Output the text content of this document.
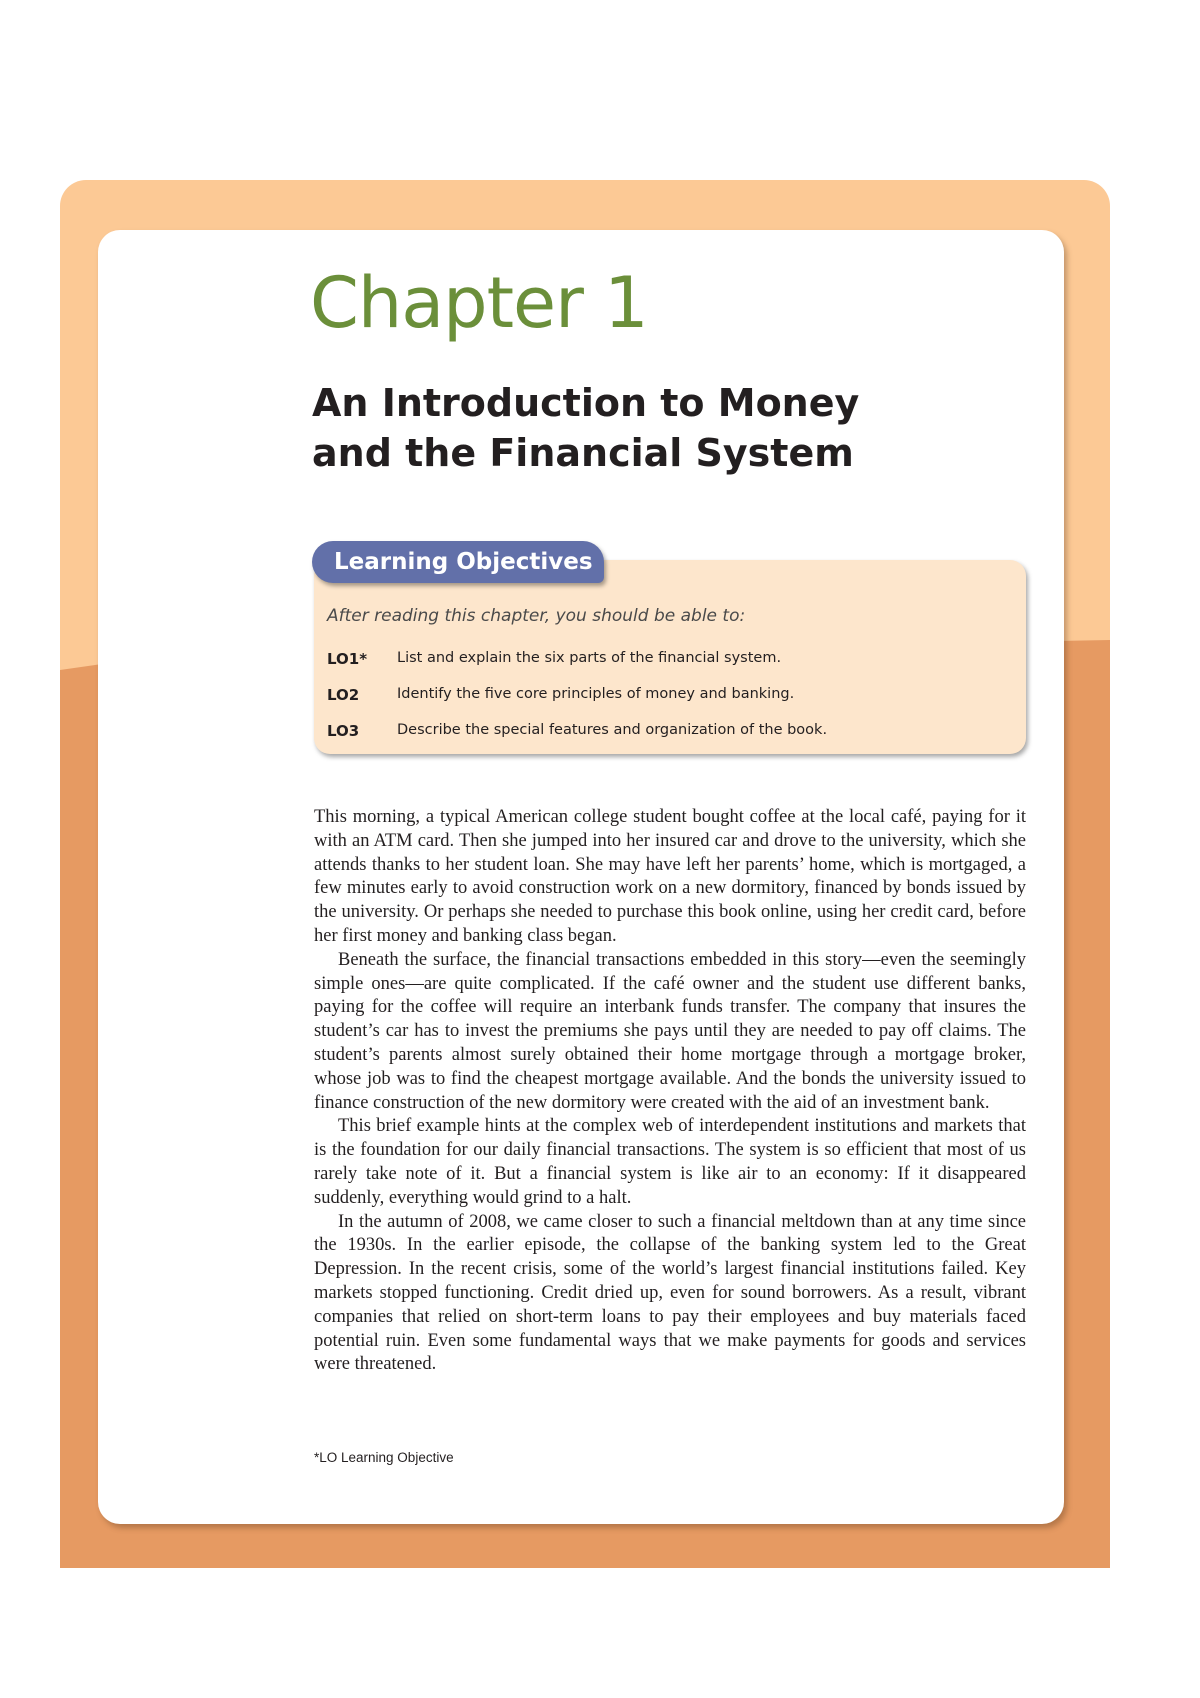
Chapter 1
An Introduction to Money
and the Financial System
Learning Objectives

After reading this chapter, you should be able to:

LO1* List and explain the six parts of the financial system.
LO2	Identify the five core principles of money and banking.
LO3	Describe the special features and organization of the book.

This morning, a typical American college student bought coffee at the local café, paying for it with an ATM card. Then she jumped into her insured car and drove to the university, which she attends thanks to her student loan. She may have left her parents’ home, which is mortgaged, a few minutes early to avoid construction work on a new dormitory, financed by bonds issued by the university. Or perhaps she needed to purchase this book online, using her credit card, before her first money and banking class began.

Beneath the surface, the financial transactions embedded in this story—even the seemingly simple ones—are quite complicated. If the café owner and the student use different banks, paying for the coffee will require an interbank funds transfer. The company that insures the student’s car has to invest the premiums she pays until they are needed to pay off claims. The student’s parents almost surely obtained their home mortgage through a mortgage broker, whose job was to find the cheapest mortgage available. And the bonds the university issued to finance construction of the new dormitory were created with the aid of an investment bank.

This brief example hints at the complex web of interdependent institutions and markets that is the foundation for our daily financial transactions. The system is so efficient that most of us rarely take note of it. But a financial system is like air to an economy: If it disappeared suddenly, everything would grind to a halt.

In the autumn of 2008, we came closer to such a financial meltdown than at any time since the 1930s. In the earlier episode, the collapse of the banking system led to the Great Depression. In the recent crisis, some of the world’s largest financial institutions failed. Key markets stopped functioning. Credit dried up, even for sound borrowers. As a result, vibrant companies that relied on short-term loans to pay their employees and buy materials faced potential ruin. Even some fundamental ways that we make payments for goods and services were threatened.

*LO Learning Objective
